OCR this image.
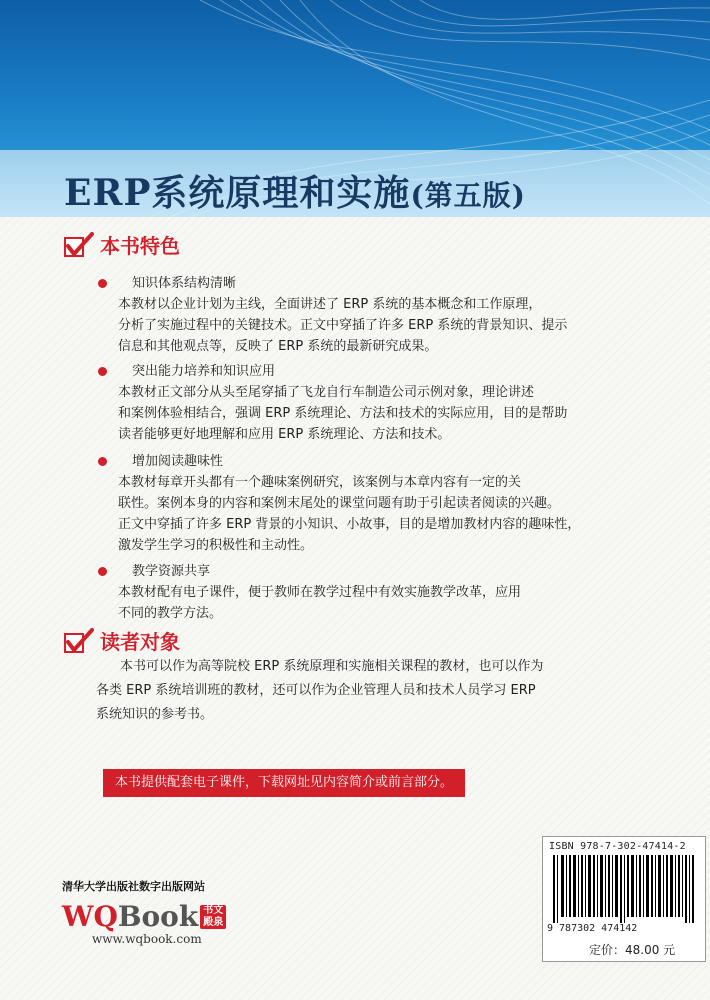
ERP系统原理和实施(第五版)
本书特色
知识体系结构清晰
本教材以企业计划为主线，全面讲述了 ERP 系统的基本概念和工作原理，
分析了实施过程中的关键技术。正文中穿插了许多 ERP 系统的背景知识、提示
信息和其他观点等，反映了 ERP 系统的最新研究成果。
突出能力培养和知识应用
本教材正文部分从头至尾穿插了飞龙自行车制造公司示例对象，理论讲述
和案例体验相结合，强调 ERP 系统理论、方法和技术的实际应用，目的是帮助
读者能够更好地理解和应用 ERP 系统理论、方法和技术。
增加阅读趣味性
本教材每章开头都有一个趣味案例研究，该案例与本章内容有一定的关
联性。案例本身的内容和案例末尾处的课堂问题有助于引起读者阅读的兴趣。
正文中穿插了许多 ERP 背景的小知识、小故事，目的是增加教材内容的趣味性，
激发学生学习的积极性和主动性。
教学资源共享
本教材配有电子课件，便于教师在教学过程中有效实施教学改革，应用
不同的教学方法。
读者对象
本书可以作为高等院校 ERP 系统原理和实施相关课程的教材，也可以作为
各类 ERP 系统培训班的教材，还可以作为企业管理人员和技术人员学习 ERP
系统知识的参考书。
本书提供配套电子课件，下载网址见内容简介或前言部分。
清华大学出版社数字出版网站
WQ Book 书文 殿泉
www.wqbook.com
ISBN 978-7-302-47414-2
9 787302 474142
定价：48.00 元
